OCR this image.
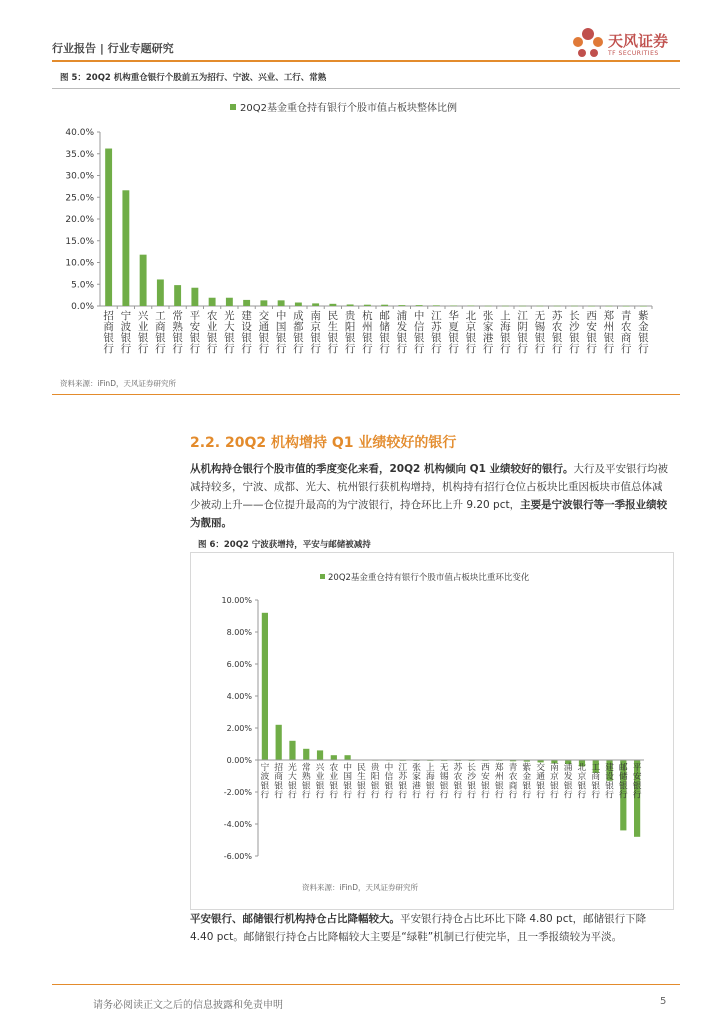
行业报告 | 行业专题研究	天风证券
TF SECURITIES
图 5：20Q2 机构重仓银行个股前五为招行、宁波、兴业、工行、常熟
20Q2基金重仓持有银行个股市值占板块整体比例
0.0%
5.0%
10.0%
15.0%
20.0%
25.0%
30.0%
35.0%
40.0%
招商银行
宁波银行
兴业银行
工商银行
常熟银行
平安银行
农业银行
光大银行
建设银行
交通银行
中国银行
成都银行
南京银行
民生银行
贵阳银行
杭州银行
邮储银行
浦发银行
中信银行
江苏银行
华夏银行
北京银行
张家港行
上海银行
江阴银行
无锡银行
苏农银行
长沙银行
西安银行
郑州银行
青农商行
紫金银行
资料来源：iFinD，天风证券研究所
2.2. 20Q2 机构增持 Q1 业绩较好的银行
从机构持仓银行个股市值的季度变化来看，20Q2 机构倾向 Q1 业绩较好的银行。大行及平安银行均被减持较多，宁波、成都、光大、杭州银行获机构增持，机构持有招行仓位占板块比重因板块市值总体减少被动上升——仓位提升最高的为宁波银行，持仓环比上升 9.20 pct，主要是宁波银行等一季报业绩较为靓丽。
图 6：20Q2 宁波获增持，平安与邮储被减持
20Q2基金重仓持有银行个股市值占板块比重环比变化
-6.00%
-4.00%
-2.00%
0.00%
2.00%
4.00%
6.00%
8.00%
10.00%
宁波银行
招商银行
光大银行
常熟银行
兴业银行
农业银行
中国银行
民生银行
贵阳银行
中信银行
江苏银行
张家港行
上海银行
无锡银行
苏农银行
长沙银行
西安银行
郑州银行
青农商行
紫金银行
交通银行
南京银行
浦发银行
北京银行
工商银行
建设银行
邮储银行
平安银行
资料来源：iFinD，天风证券研究所
平安银行、邮储银行机构持仓占比降幅较大。平安银行持仓占比环比下降 4.80 pct，邮储银行下降 4.40 pct。邮储银行持仓占比降幅较大主要是“绿鞋”机制已行使完毕，且一季报绩较为平淡。
请务必阅读正文之后的信息披露和免责申明	5
